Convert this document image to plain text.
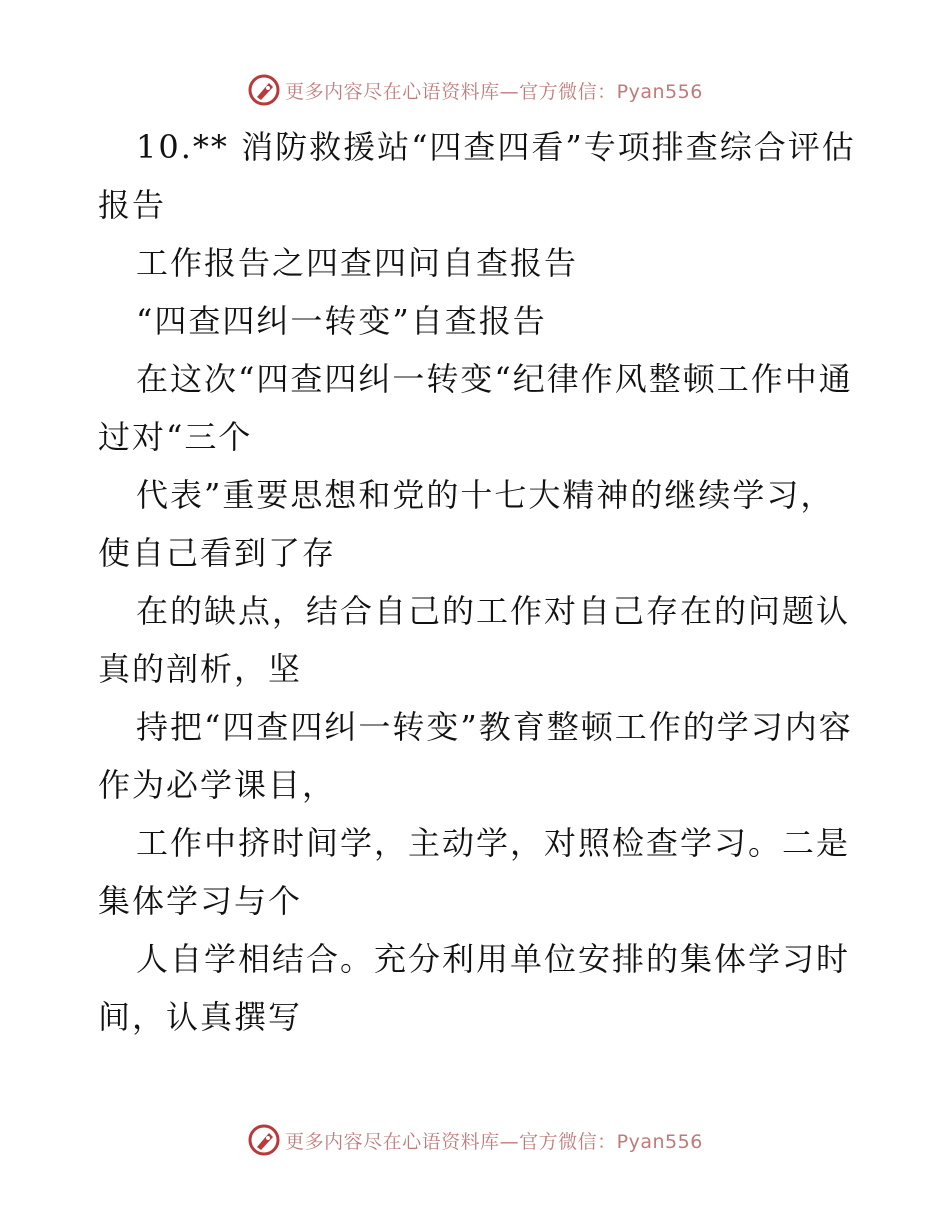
更多内容尽在心语资料库—官方微信：Pyan556

10.** 消防救援站“四查四看”专项排查综合评估报告

工作报告之四查四问自查报告

“四查四纠一转变”自查报告

在这次“四查四纠一转变“纪律作风整顿工作中通过对“三个

代表”重要思想和党的十七大精神的继续学习，使自己看到了存

在的缺点，结合自己的工作对自己存在的问题认真的剖析，坚

持把“四查四纠一转变”教育整顿工作的学习内容作为必学课目，

工作中挤时间学，主动学，对照检查学习。二是集体学习与个

人自学相结合。充分利用单位安排的集体学习时间，认真撰写

更多内容尽在心语资料库—官方微信：Pyan556
